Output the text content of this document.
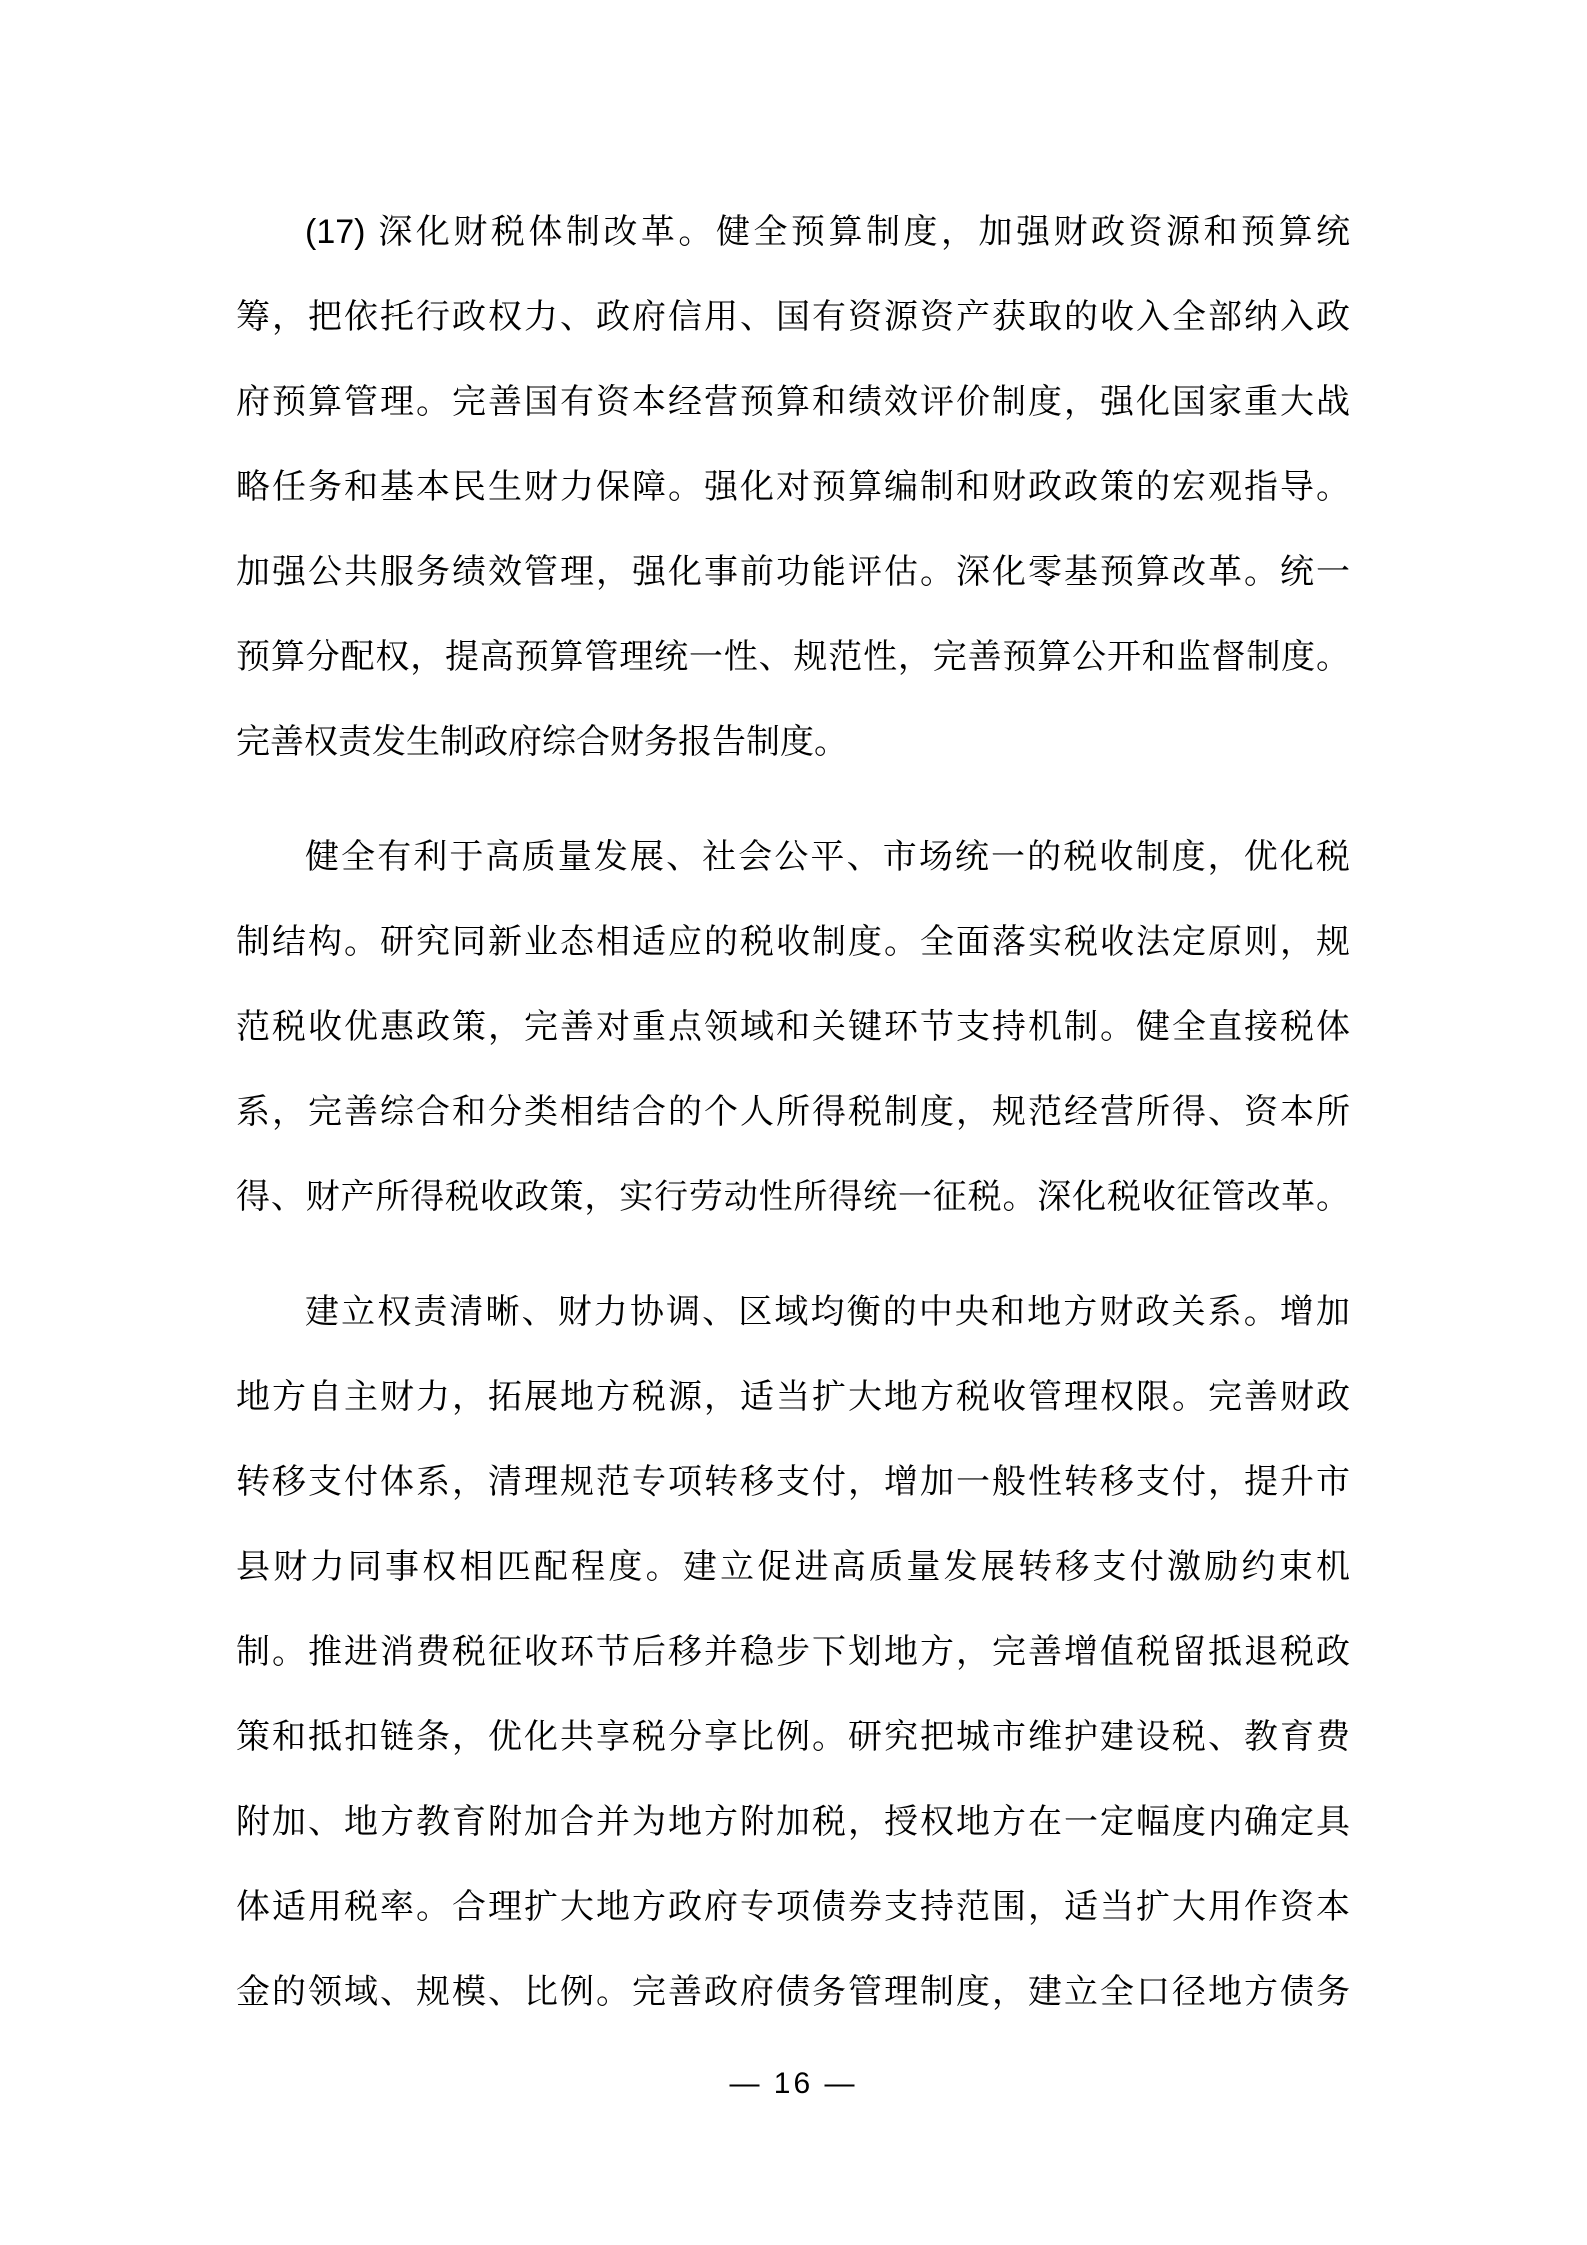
(17) 深化财税体制改革。健全预算制度，加强财政资源和预算统
筹，把依托行政权力、政府信用、国有资源资产获取的收入全部纳入政
府预算管理。完善国有资本经营预算和绩效评价制度，强化国家重大战
略任务和基本民生财力保障。强化对预算编制和财政政策的宏观指导。
加强公共服务绩效管理，强化事前功能评估。深化零基预算改革。统一
预算分配权，提高预算管理统一性、规范性，完善预算公开和监督制度。
完善权责发生制政府综合财务报告制度。
健全有利于高质量发展、社会公平、市场统一的税收制度，优化税
制结构。研究同新业态相适应的税收制度。全面落实税收法定原则，规
范税收优惠政策，完善对重点领域和关键环节支持机制。健全直接税体
系，完善综合和分类相结合的个人所得税制度，规范经营所得、资本所
得、财产所得税收政策，实行劳动性所得统一征税。深化税收征管改革。
建立权责清晰、财力协调、区域均衡的中央和地方财政关系。增加
地方自主财力，拓展地方税源，适当扩大地方税收管理权限。完善财政
转移支付体系，清理规范专项转移支付，增加一般性转移支付，提升市
县财力同事权相匹配程度。建立促进高质量发展转移支付激励约束机
制。推进消费税征收环节后移并稳步下划地方，完善增值税留抵退税政
策和抵扣链条，优化共享税分享比例。研究把城市维护建设税、教育费
附加、地方教育附加合并为地方附加税，授权地方在一定幅度内确定具
体适用税率。合理扩大地方政府专项债券支持范围，适当扩大用作资本
金的领域、规模、比例。完善政府债务管理制度，建立全口径地方债务
— 16 —
